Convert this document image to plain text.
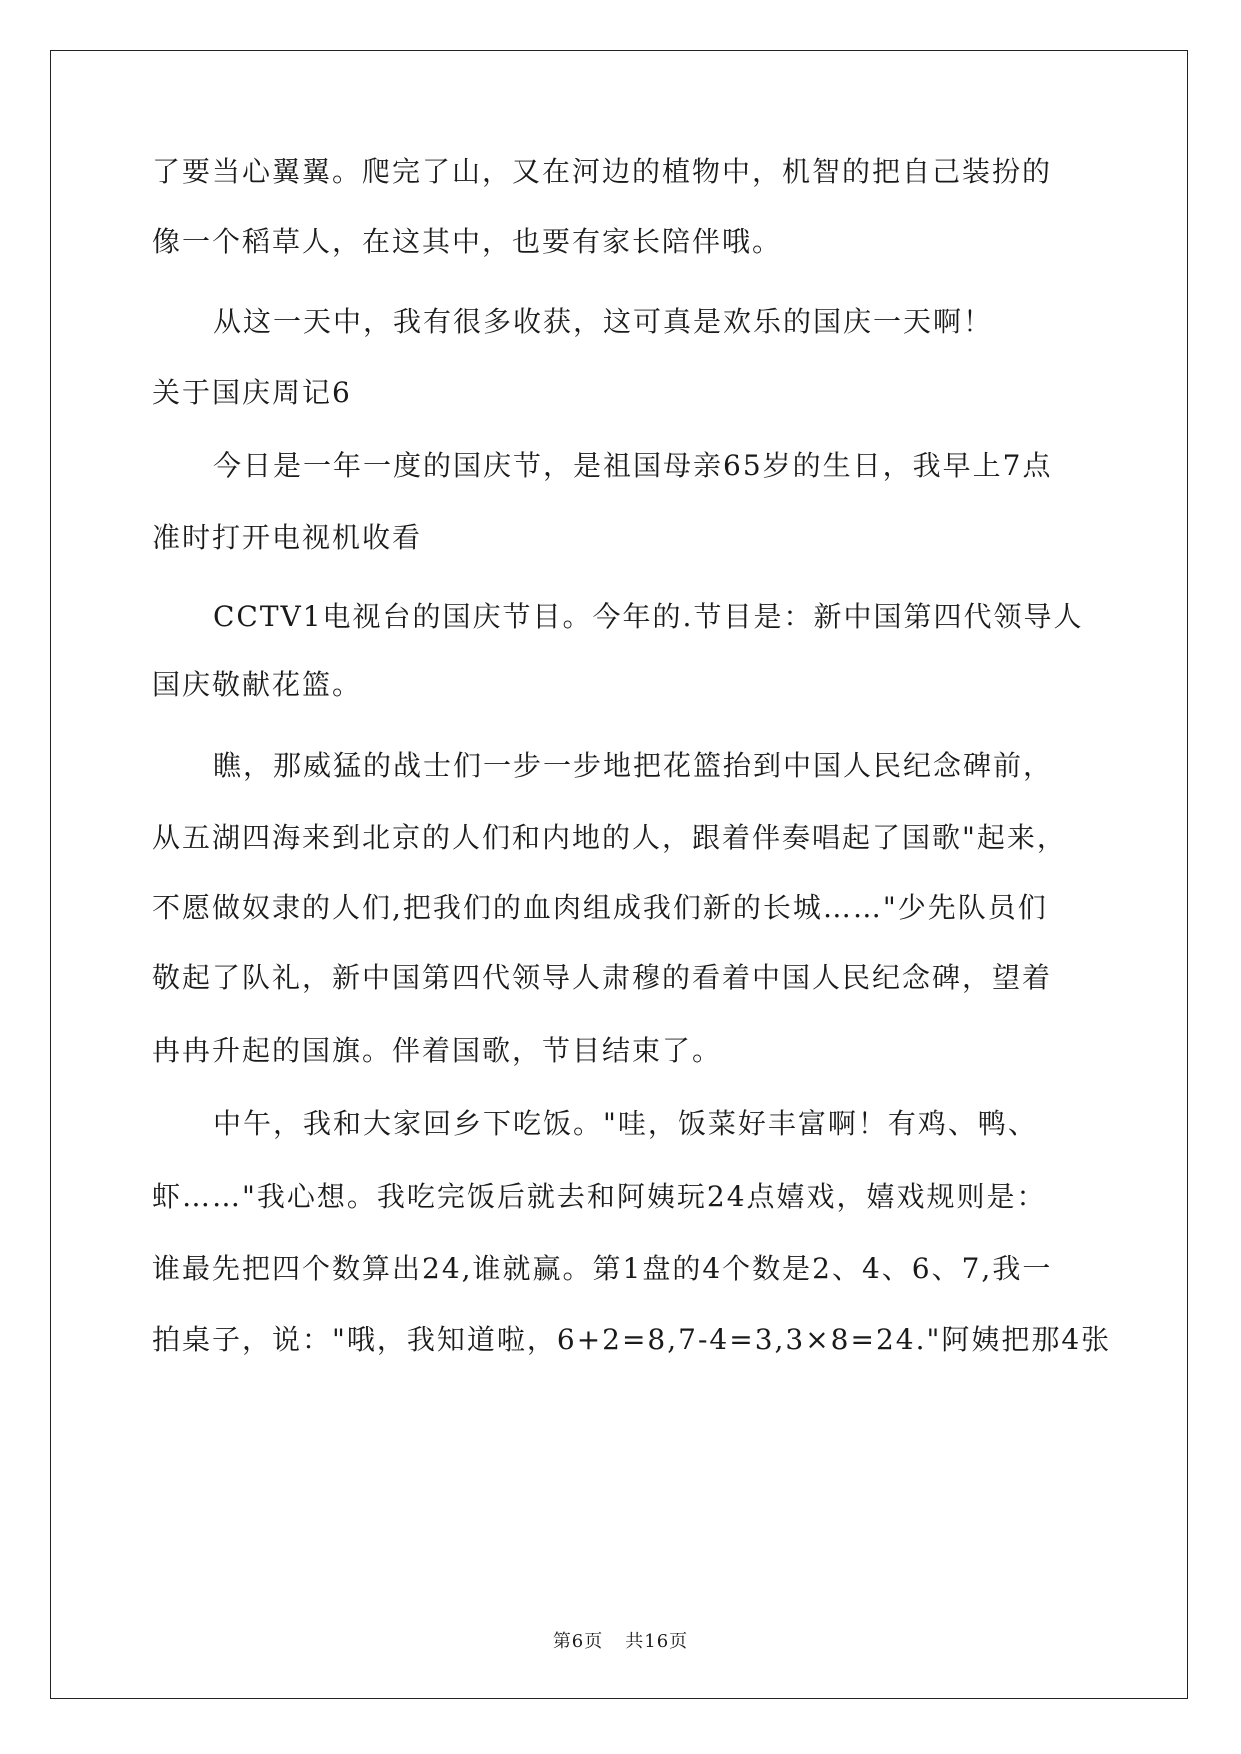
了要当心翼翼。爬完了山，又在河边的植物中，机智的把自己装扮的
像一个稻草人，在这其中，也要有家长陪伴哦。
从这一天中，我有很多收获，这可真是欢乐的国庆一天啊！
关于国庆周记6
今日是一年一度的国庆节，是祖国母亲65岁的生日，我早上7点
准时打开电视机收看
CCTV1电视台的国庆节目。今年的.节目是：新中国第四代领导人
国庆敬献花篮。
瞧，那威猛的战士们一步一步地把花篮抬到中国人民纪念碑前，
从五湖四海来到北京的人们和内地的人，跟着伴奏唱起了国歌"起来，
不愿做奴隶的人们,把我们的血肉组成我们新的长城……"少先队员们
敬起了队礼，新中国第四代领导人肃穆的看着中国人民纪念碑，望着
冉冉升起的国旗。伴着国歌，节目结束了。
中午，我和大家回乡下吃饭。"哇，饭菜好丰富啊！有鸡、鸭、
虾……"我心想。我吃完饭后就去和阿姨玩24点嬉戏，嬉戏规则是：
谁最先把四个数算出24,谁就赢。第1盘的4个数是2、4、6、7,我一
拍桌子，说："哦，我知道啦，6+2=8,7-4=3,3×8=24."阿姨把那4张
第6页 共16页
